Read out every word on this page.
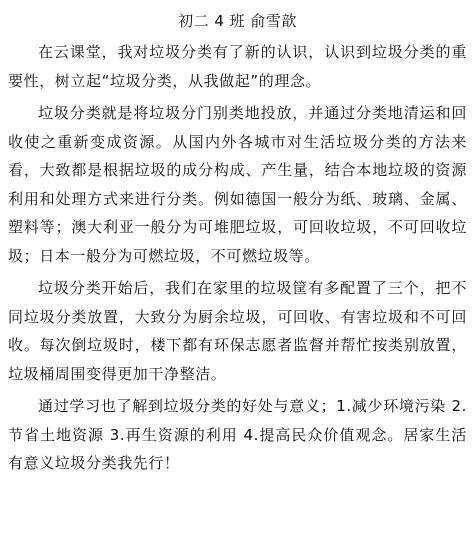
初二 4 班 俞雪歆

在云课堂，我对垃圾分类有了新的认识，认识到垃圾分类的重要性，树立起“垃圾分类，从我做起”的理念。

垃圾分类就是将垃圾分门别类地投放，并通过分类地清运和回收使之重新变成资源。从国内外各城市对生活垃圾分类的方法来看，大致都是根据垃圾的成分构成、产生量，结合本地垃圾的资源利用和处理方式来进行分类。例如德国一般分为纸、玻璃、金属、塑料等；澳大利亚一般分为可堆肥垃圾，可回收垃圾，不可回收垃圾；日本一般分为可燃垃圾，不可燃垃圾等。

垃圾分类开始后，我们在家里的垃圾筐有多配置了三个，把不同垃圾分类放置，大致分为厨余垃圾，可回收、有害垃圾和不可回收。每次倒垃圾时，楼下都有环保志愿者监督并帮忙按类别放置，垃圾桶周围变得更加干净整洁。

通过学习也了解到垃圾分类的好处与意义；1.减少环境污染 2.节省土地资源 3.再生资源的利用 4.提高民众价值观念。居家生活有意义垃圾分类我先行！
